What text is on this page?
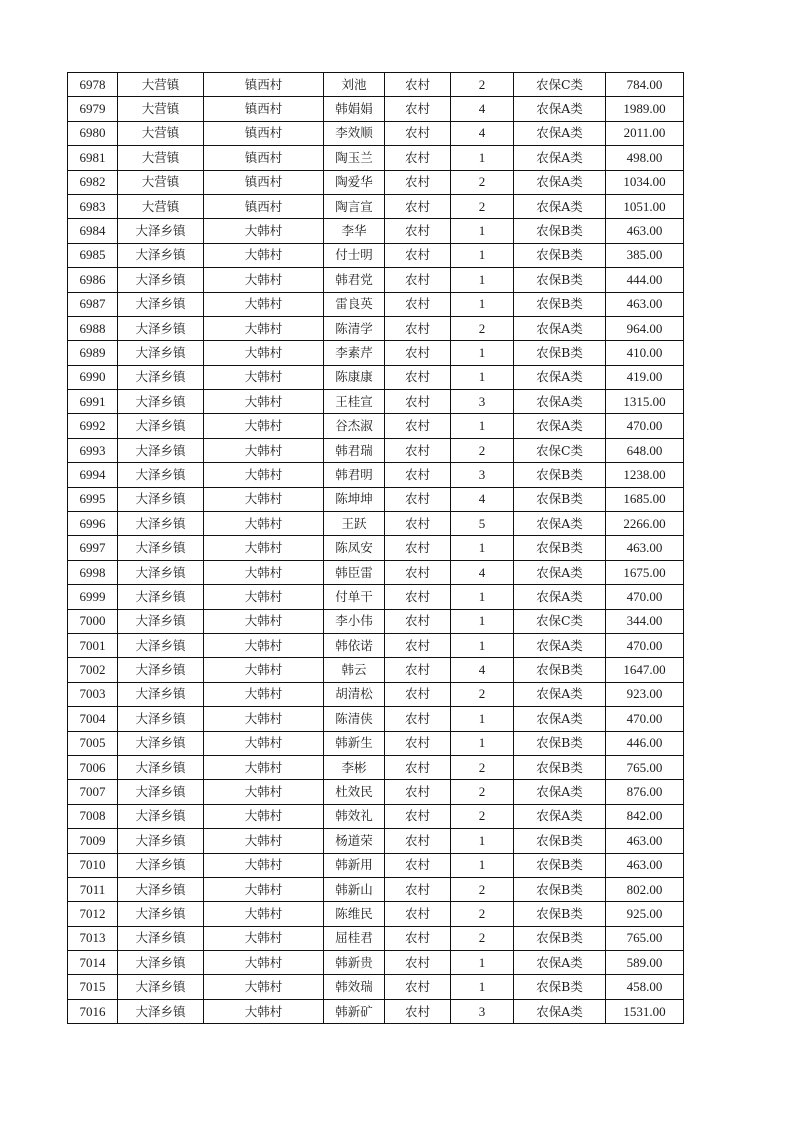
6978	大营镇	镇西村	刘池	农村	2	农保C类	784.00
6979	大营镇	镇西村	韩娟娟	农村	4	农保A类	1989.00
6980	大营镇	镇西村	李效顺	农村	4	农保A类	2011.00
6981	大营镇	镇西村	陶玉兰	农村	1	农保A类	498.00
6982	大营镇	镇西村	陶爱华	农村	2	农保A类	1034.00
6983	大营镇	镇西村	陶言宣	农村	2	农保A类	1051.00
6984	大泽乡镇	大韩村	李华	农村	1	农保B类	463.00
6985	大泽乡镇	大韩村	付士明	农村	1	农保B类	385.00
6986	大泽乡镇	大韩村	韩君党	农村	1	农保B类	444.00
6987	大泽乡镇	大韩村	雷良英	农村	1	农保B类	463.00
6988	大泽乡镇	大韩村	陈清学	农村	2	农保A类	964.00
6989	大泽乡镇	大韩村	李素芹	农村	1	农保B类	410.00
6990	大泽乡镇	大韩村	陈康康	农村	1	农保A类	419.00
6991	大泽乡镇	大韩村	王桂宣	农村	3	农保A类	1315.00
6992	大泽乡镇	大韩村	谷杰淑	农村	1	农保A类	470.00
6993	大泽乡镇	大韩村	韩君瑞	农村	2	农保C类	648.00
6994	大泽乡镇	大韩村	韩君明	农村	3	农保B类	1238.00
6995	大泽乡镇	大韩村	陈坤坤	农村	4	农保B类	1685.00
6996	大泽乡镇	大韩村	王跃	农村	5	农保A类	2266.00
6997	大泽乡镇	大韩村	陈凤安	农村	1	农保B类	463.00
6998	大泽乡镇	大韩村	韩臣雷	农村	4	农保A类	1675.00
6999	大泽乡镇	大韩村	付单干	农村	1	农保A类	470.00
7000	大泽乡镇	大韩村	李小伟	农村	1	农保C类	344.00
7001	大泽乡镇	大韩村	韩依诺	农村	1	农保A类	470.00
7002	大泽乡镇	大韩村	韩云	农村	4	农保B类	1647.00
7003	大泽乡镇	大韩村	胡清松	农村	2	农保A类	923.00
7004	大泽乡镇	大韩村	陈清侠	农村	1	农保A类	470.00
7005	大泽乡镇	大韩村	韩新生	农村	1	农保B类	446.00
7006	大泽乡镇	大韩村	李彬	农村	2	农保B类	765.00
7007	大泽乡镇	大韩村	杜效民	农村	2	农保A类	876.00
7008	大泽乡镇	大韩村	韩效礼	农村	2	农保A类	842.00
7009	大泽乡镇	大韩村	杨道荣	农村	1	农保B类	463.00
7010	大泽乡镇	大韩村	韩新用	农村	1	农保B类	463.00
7011	大泽乡镇	大韩村	韩新山	农村	2	农保B类	802.00
7012	大泽乡镇	大韩村	陈维民	农村	2	农保B类	925.00
7013	大泽乡镇	大韩村	屈桂君	农村	2	农保B类	765.00
7014	大泽乡镇	大韩村	韩新贵	农村	1	农保A类	589.00
7015	大泽乡镇	大韩村	韩效瑞	农村	1	农保B类	458.00
7016	大泽乡镇	大韩村	韩新矿	农村	3	农保A类	1531.00
